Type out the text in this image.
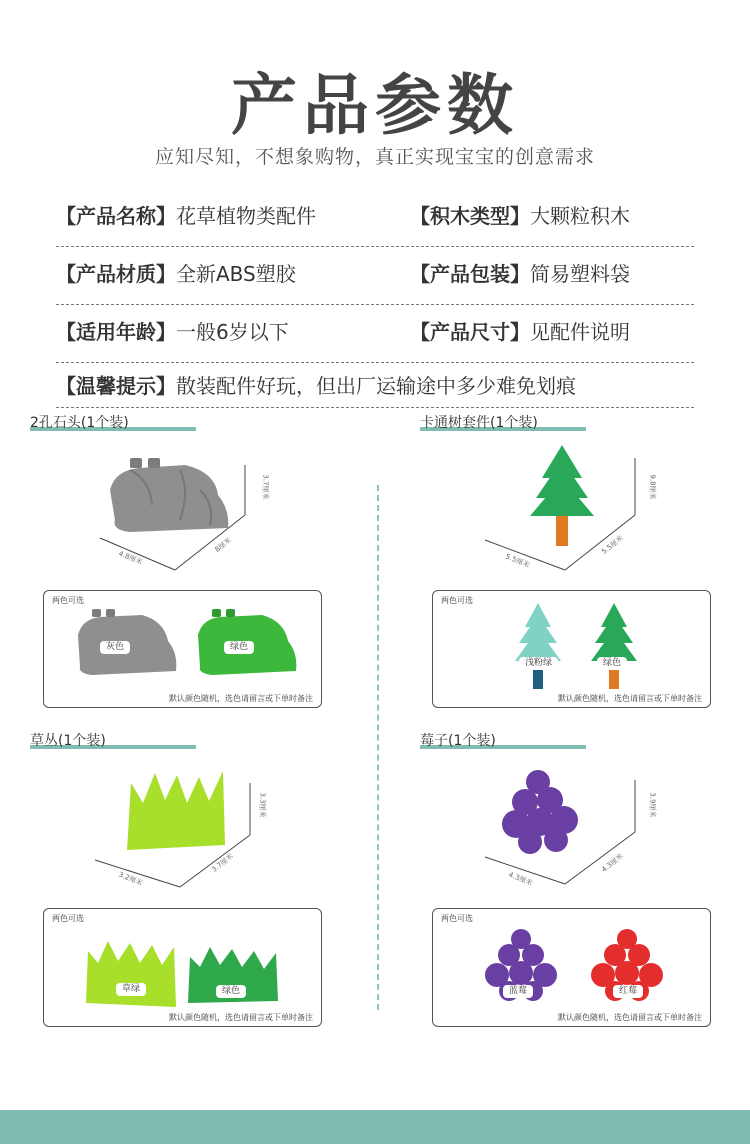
产品参数
应知尽知，不想象购物，真正实现宝宝的创意需求
【产品名称】花草植物类配件	【积木类型】大颗粒积木
【产品材质】全新ABS塑胶	【产品包装】简易塑料袋
【适用年龄】一般6岁以下	【产品尺寸】见配件说明
【温馨提示】散装配件好玩，但出厂运输途中多少难免划痕
2孔石头(1个装)
3.7厘米
4.8厘米
8厘米
两色可选
灰色	绿色
默认颜色随机，选色请留言或下单时备注
卡通树套件(1个装)
9.8厘米
5.5厘米
5.5厘米
两色可选
浅粉绿	绿色
默认颜色随机，选色请留言或下单时备注
草丛(1个装)
3.3厘米
3.2厘米
3.7厘米
两色可选
草绿	绿色
默认颜色随机，选色请留言或下单时备注
莓子(1个装)
3.9厘米
4.3厘米
4.3厘米
两色可选
蓝莓	红莓
默认颜色随机，选色请留言或下单时备注
